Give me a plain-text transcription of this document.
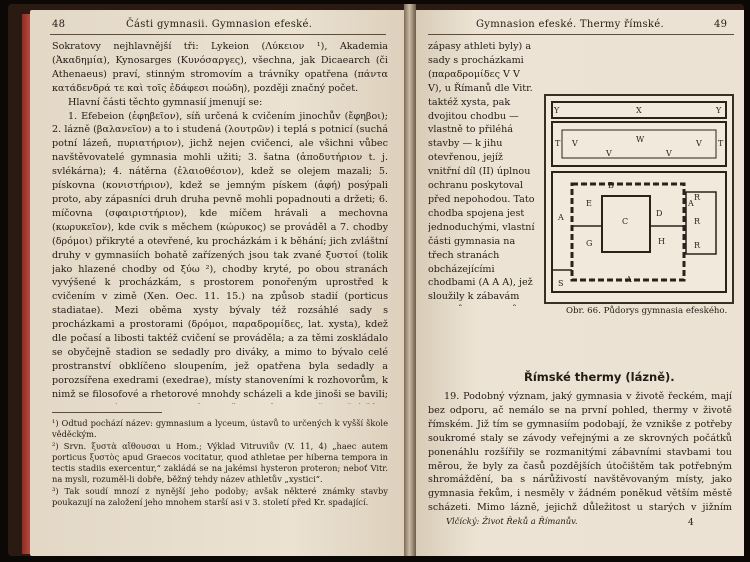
48	Části gymnasii. Gymnasion efeské.

Sokratovy nejhlavnější tři: Lykeion (Λύκειον ¹), Akademia (Ἀκαδημία), Kynosarges (Κυνόσαργες), všechna, jak Dicaearch (či Athenaeus) praví, stinným stromovím a trávníky opatřena (πάντα κατάδενδρά τε καὶ τοῖς ἐδάφεσι ποώδη), později značný počet.

Hlavní části těchto gymnasií jmenují se:

1. Efebeion (ἐφηβεῖον), síň určená k cvičením jinochův (ἔφηβοι); 2. lázně (βαλανεῖον) a to i studená (λουτρῶν) i teplá s potnicí (suchá potní lázeň, πυριατήριον), jichž nejen cvičenci, ale všichni vůbec navštěvovatelé gymnasia mohli užiti; 3. šatna (ἀποδυτήριον t. j. svlékárna); 4. nátěrna (ἐλαιοθέσιον), kdež se olejem mazali; 5. pískovna (κονιστήριον), kdež se jemným pískem (ἁφή) posýpali proto, aby zápasníci druh druha pevně mohli popadnouti a držeti; 6. míčovna (σφαιριστήριον), kde míčem hrávali a mechovna (κωρυκεῖον), kde cvik s měchem (κώρυκος) se prováděl a 7. chodby (δρόμοι) přikryté a otevřené, ku procházkám i k běhání; jich zvláštní druhy v gymnasiích bohatě zařízených jsou tak zvané ξυστοί (tolik jako hlazené chodby od ξύω ²), chodby kryté, po obou stranách vyvýšené k procházkám, s prostorem ponořeným uprostřed k cvičením v zimě (Xen. Oec. 11. 15.) na způsob stadií (porticus stadiatae). Mezi oběma xysty bývaly též rozsáhlé sady s procházkami a prostorami (δρόμοι, παραδρομίδες, lat. xysta), kdež dle počasí a libosti taktéž cvičení se prováděla; a za těmi zoskládalo se obyčejně stadion se sedadly pro diváky, a mimo to bývalo celé prostranství obklíčeno sloupením, jež opatřena byla sedadly a porozsířena exedrami (exedrae), místy stanoveními k rozhovorům, k nimž se filosofové a rhetorové mnohdy scházeli a kde jinoši se bavili;

¹) Odtud pochází název: gymnasium a lyceum, ústavů to určených k vyšší škole věděckým.

²) Srvn. ξυστὰ αἴθουσαι u Hom.; Výklad Vitruviův (V. 11, 4) „haec autem porticus ξυστὸς apud Graecos vocitatur, quod athletae per hiberna tempora in tectis stadiis exercentur,“ zakládá se na jakémsi hysteron proteron; neboť Vitr. na mysli, rozuměl-li dobře, běžný tehdy název athletův „xystici“.

³) Tak soudí mnozí z nynější jeho podoby; avšak některé známky stavby poukazují na založení jeho mnohem starší asi v 3. století před Kr. spadající.

Gymnasion efeské. Thermy římské.	49
Y	X	Y
V	W
V	V
V
T	T
A
A
A
B
C
D
E
G	H
R
R
R
S
Obr. 66. Půdorys gymnasia efeského.

zápasy athleti byly) a sady s procházkami (παραδρομίδες V V V), u Římanů dle Vitr. taktéž xysta, pak dvojitou chodbu — vlastně to přiléhá stavby — k jihu otevřenou, jejíž vnitřní díl (II) úplnou ochranu poskytoval před nepohodou. Tato chodba spojena jest jednoduchými, vlastní části gymnasia na třech stranách obcházejícími chodbami (A A A), jež sloužily k zábavám

Římské thermy (lázně).

19. Podobný význam, jaký gymnasia v životě řeckém, mají bez odporu, ač nemálo se na první pohled, thermy v životě římském. Již tím se gymnasiím podobají, že vznikše z potřeby soukromé staly se závody veřejnými a ze skrovných počátků ponenáhlu rozšířily se rozmanitými zábavními stavbami tou měrou, že byly za časů pozdějších útočištěm tak potřebným shromáždění, ba s nárůživostí navštěvovaným místy, jako gymnasia řekům, i nesměly v žádném poněkud větším městě scházeti. Mimo lázně, jejichž důležitost u starých v jižním

Vlčícký: Život Řeků a Římanův.	4
